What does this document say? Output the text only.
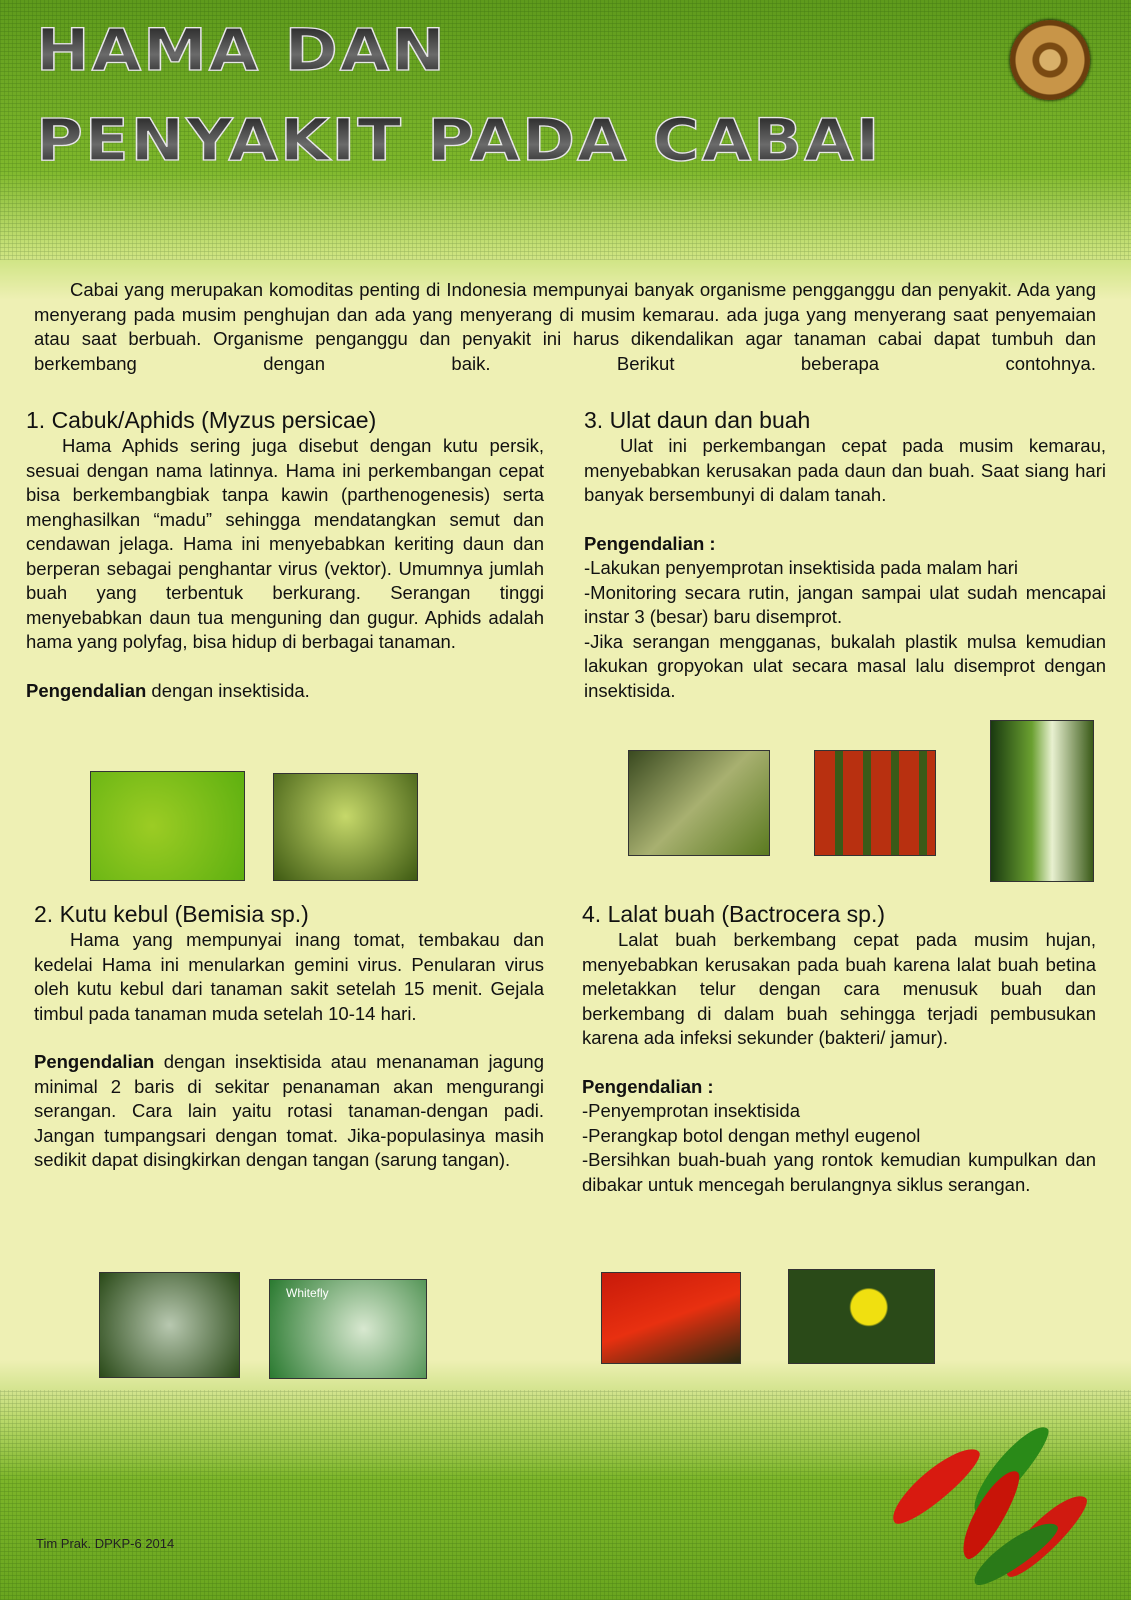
HAMA DAN
PENYAKIT PADA CABAI

Cabai yang merupakan komoditas penting di Indonesia mempunyai banyak organisme pengganggu dan penyakit. Ada yang menyerang pada musim penghujan dan ada yang menyerang di musim kemarau. ada juga yang menyerang saat penyemaian atau saat berbuah. Organisme penganggu dan penyakit ini harus dikendalikan agar tanaman cabai dapat tumbuh dan berkembang dengan baik. Berikut beberapa contohnya.

1. Cabuk/Aphids (Myzus persicae)

Hama Aphids sering juga disebut dengan kutu persik, sesuai dengan nama latinnya. Hama ini perkembangan cepat bisa berkembangbiak tanpa kawin (parthenogenesis) serta menghasilkan “madu” sehingga mendatangkan semut dan cendawan jelaga. Hama ini menyebabkan keriting daun dan berperan sebagai penghantar virus (vektor). Umumnya jumlah buah yang terbentuk berkurang. Serangan tinggi menyebabkan daun tua menguning dan gugur. Aphids adalah hama yang polyfag, bisa hidup di berbagai tanaman.

Pengendalian dengan insektisida.

2. Kutu kebul (Bemisia sp.)

Hama yang mempunyai inang tomat, tembakau dan kedelai Hama ini menularkan gemini virus. Penularan virus oleh kutu kebul dari tanaman sakit setelah 15 menit. Gejala timbul pada tanaman muda setelah 10-14 hari.

Pengendalian dengan insektisida atau menanaman jagung minimal 2 baris di sekitar penanaman akan mengurangi serangan. Cara lain yaitu rotasi tanaman-dengan padi. Jangan tumpangsari dengan tomat. Jika-populasinya masih sedikit dapat disingkirkan dengan tangan (sarung tangan).

3. Ulat daun dan buah

Ulat ini perkembangan cepat pada musim kemarau, menyebabkan kerusakan pada daun dan buah. Saat siang hari banyak bersembunyi di dalam tanah.

Pengendalian :

-Lakukan penyemprotan insektisida pada malam hari

-Monitoring secara rutin, jangan sampai ulat sudah mencapai instar 3 (besar) baru disemprot.

-Jika serangan mengganas, bukalah plastik mulsa kemudian lakukan gropyokan ulat secara masal lalu disemprot dengan insektisida.

4. Lalat buah (Bactrocera sp.)

Lalat buah berkembang cepat pada musim hujan, menyebabkan kerusakan pada buah karena lalat buah betina meletakkan telur dengan cara menusuk buah dan berkembang di dalam buah sehingga terjadi pembusukan karena ada infeksi sekunder (bakteri/ jamur).

Pengendalian :

-Penyemprotan insektisida

-Perangkap botol dengan methyl eugenol

-Bersihkan buah-buah yang rontok kemudian kumpulkan dan dibakar untuk mencegah berulangnya siklus serangan.

Whitefly
Tim Prak. DPKP-6 2014
